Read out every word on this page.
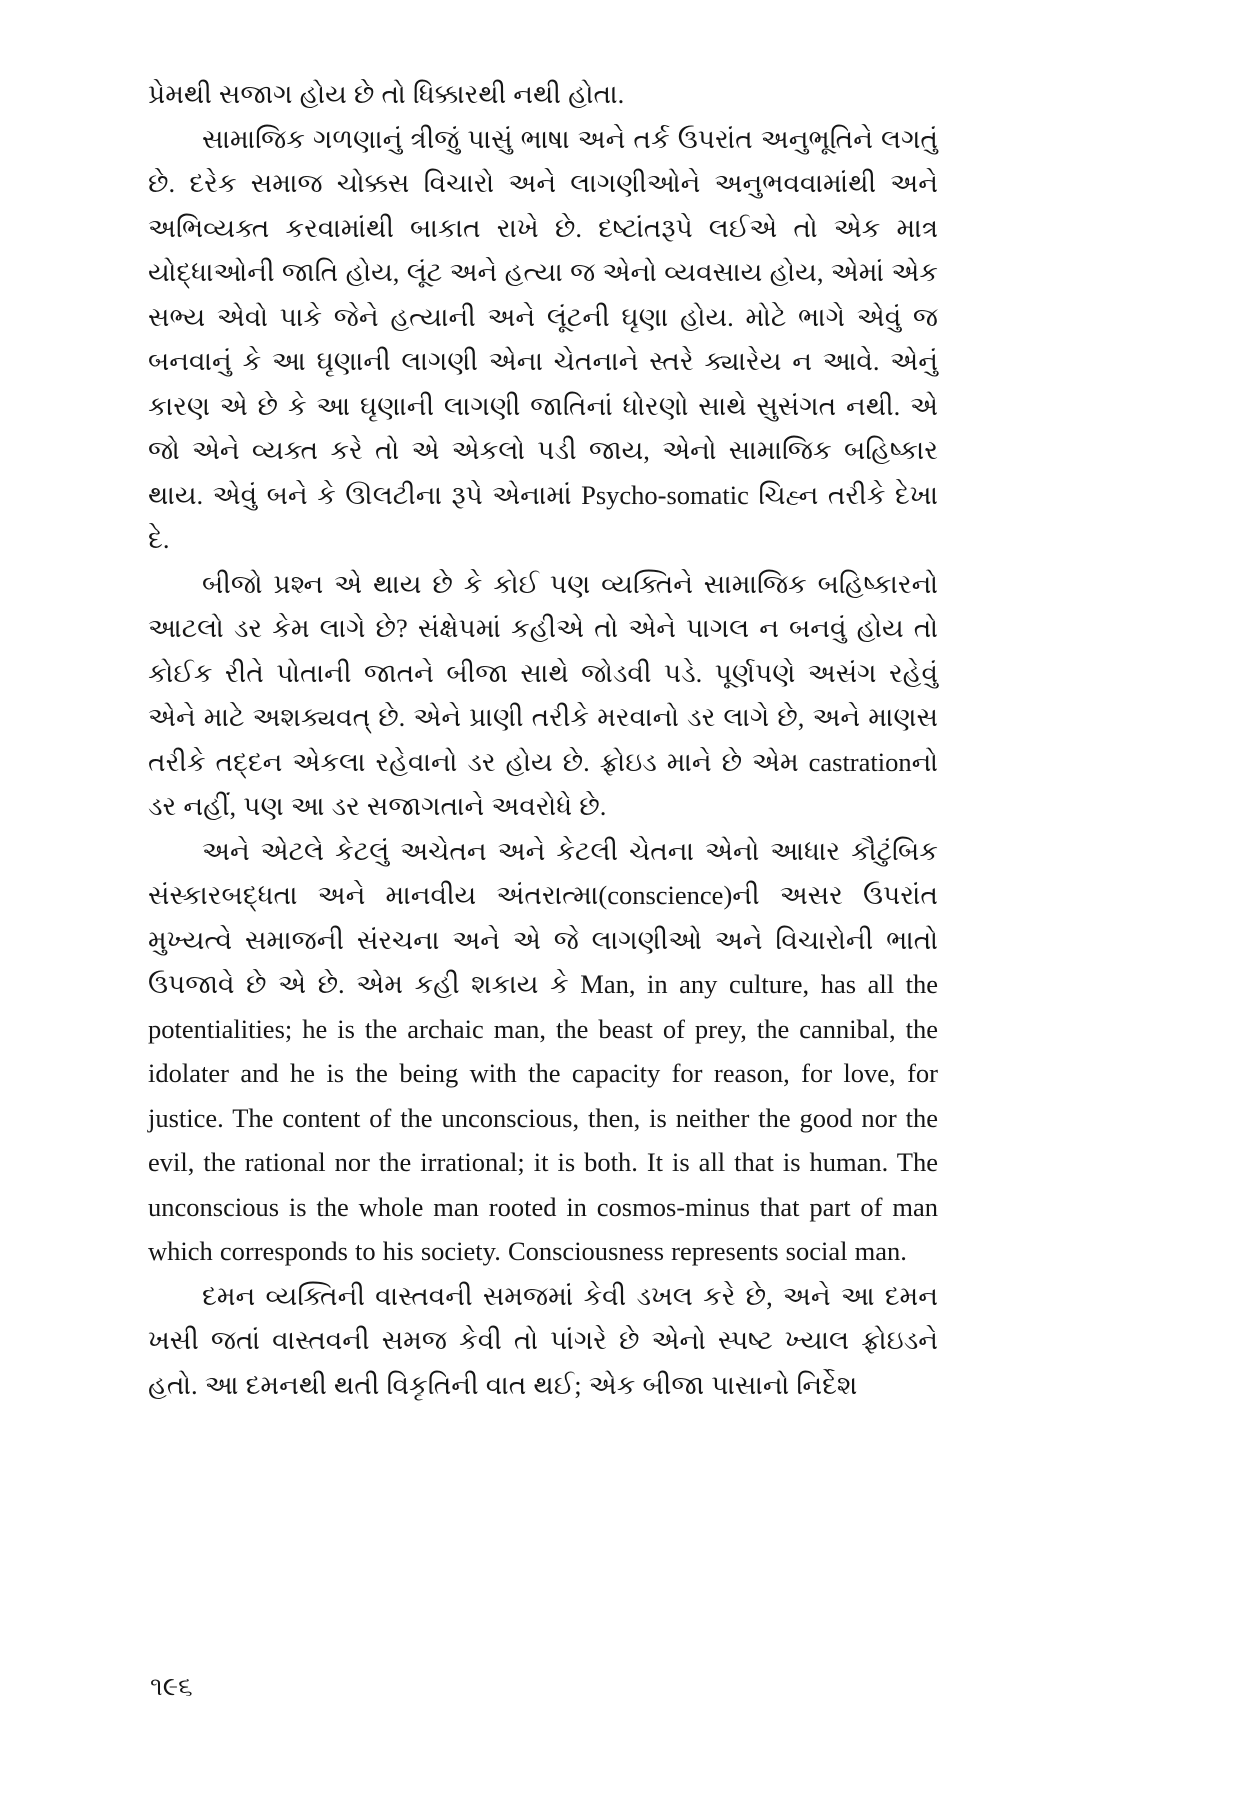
પ્રેમથી સજાગ હોય છે તો ધિક્કારથી નથી હોતા.

સામાજિક ગળણાનું ત્રીજું પાસું ભાષા અને તર્ક ઉપરાંત અનુભૂતિને લગતું છે. દરેક સમાજ ચોક્કસ વિચારો અને લાગણીઓને અનુભવવામાંથી અને અભિવ્યક્ત કરવામાંથી બાકાત રાખે છે. દષ્ટાંતરૂપે લઈએ તો એક માત્ર યોદ્ધાઓની જાતિ હોય, લૂંટ અને હત્યા જ એનો વ્યવસાય હોય, એમાં એક સભ્ય એવો પાકે જેને હત્યાની અને લૂંટની ઘૃણા હોય. મોટે ભાગે એવું જ બનવાનું કે આ ઘૃણાની લાગણી એના ચેતનાને સ્તરે ક્યારેય ન આવે. એનું કારણ એ છે કે આ ઘૃણાની લાગણી જાતિનાં ધોરણો સાથે સુસંગત નથી. એ જો એને વ્યક્ત કરે તો એ એકલો પડી જાય, એનો સામાજિક બહિષ્કાર થાય. એવું બને કે ઊલટીના રૂપે એનામાં Psycho-somatic ચિહ્ન તરીકે દેખા દે.

બીજો પ્રશ્ન એ થાય છે કે કોઈ પણ વ્યક્તિને સામાજિક બહિષ્કારનો આટલો ડર કેમ લાગે છે? સંક્ષેપમાં કહીએ તો એને પાગલ ન બનવું હોય તો કોઈક રીતે પોતાની જાતને બીજા સાથે જોડવી પડે. પૂર્ણપણે અસંગ રહેવું એને માટે અશક્યવત્ છે. એને પ્રાણી તરીકે મરવાનો ડર લાગે છે, અને માણસ તરીકે તદ્દન એકલા રહેવાનો ડર હોય છે. ફ્રોઇડ માને છે એમ castrationનો ડર નહીં, પણ આ ડર સજાગતાને અવરોધે છે.

અને એટલે કેટલું અચેતન અને કેટલી ચેતના એનો આધાર કૌટુંબિક સંસ્કારબદ્ધતા અને માનવીય અંતરાત્મા(conscience)ની અસર ઉપરાંત મુખ્યત્વે સમાજની સંરચના અને એ જે લાગણીઓ અને વિચારોની ભાતો ઉપજાવે છે એ છે. એમ કહી શકાય કે Man, in any culture, has all the potentialities; he is the archaic man, the beast of prey, the cannibal, the idolater and he is the being with the capacity for reason, for love, for justice. The content of the unconscious, then, is neither the good nor the evil, the rational nor the irrational; it is both. It is all that is human. The unconscious is the whole man rooted in cosmos-minus that part of man which corresponds to his society. Consciousness represents social man.

દમન વ્યક્તિની વાસ્તવની સમજમાં કેવી ડખલ કરે છે, અને આ દમન ખસી જતાં વાસ્તવની સમજ કેવી તો પાંગરે છે એનો સ્પષ્ટ ખ્યાલ ફ્રોઇડને હતો. આ દમનથી થતી વિકૃતિની વાત થઈ; એક બીજા પાસાનો નિર્દેશ

૧૯૬
